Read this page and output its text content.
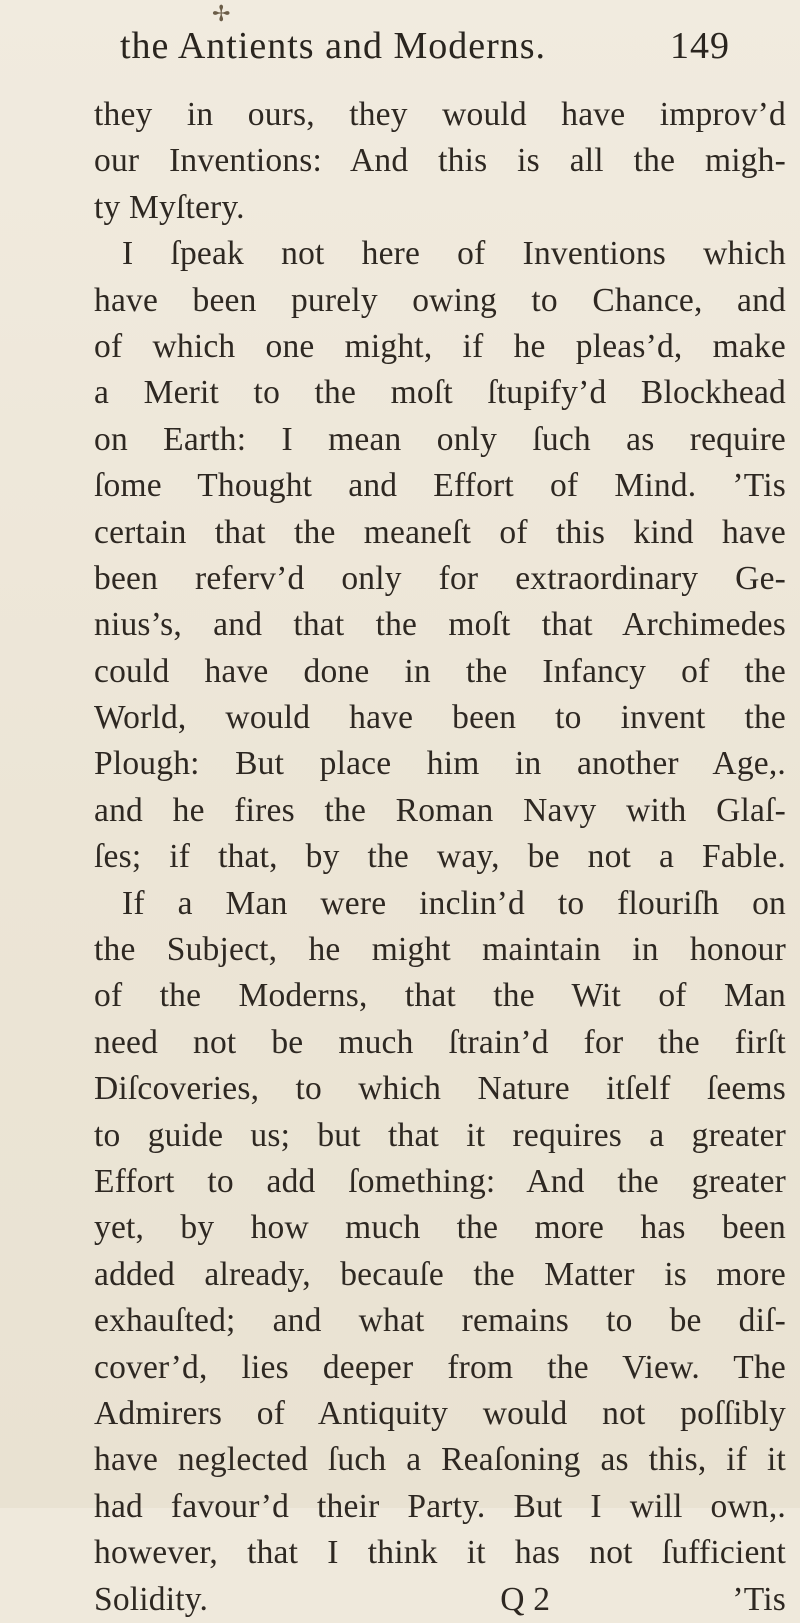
✢
the Antients and Moderns.	149
they in ours, they would have improv’d
our Inventions: And this is all the migh-
ty Myſtery.
I ſpeak not here of Inventions which
have been purely owing to Chance, and
of which one might, if he pleas’d, make
a Merit to the moſt ſtupify’d Blockhead
on Earth: I mean only ſuch as require
ſome Thought and Effort of Mind. ’Tis
certain that the meaneſt of this kind have
been referv’d only for extraordinary Ge-
nius’s, and that the moſt that Archimedes
could have done in the Infancy of the
World, would have been to invent the
Plough: But place him in another Age,.
and he fires the Roman Navy with Glaſ-
ſes; if that, by the way, be not a Fable.
If a Man were inclin’d to flouriſh on
the Subject, he might maintain in honour
of the Moderns, that the Wit of Man
need not be much ſtrain’d for the firſt
Diſcoveries, to which Nature itſelf ſeems
to guide us; but that it requires a greater
Effort to add ſomething: And the greater
yet, by how much the more has been
added already, becauſe the Matter is more
exhauſted; and what remains to be diſ-
cover’d, lies deeper from the View. The
Admirers of Antiquity would not poſſibly
have neglected ſuch a Reaſoning as this, if it
had favour’d their Party. But I will own,.
however, that I think it has not ſufficient
Solidity.	Q 2	’Tis
